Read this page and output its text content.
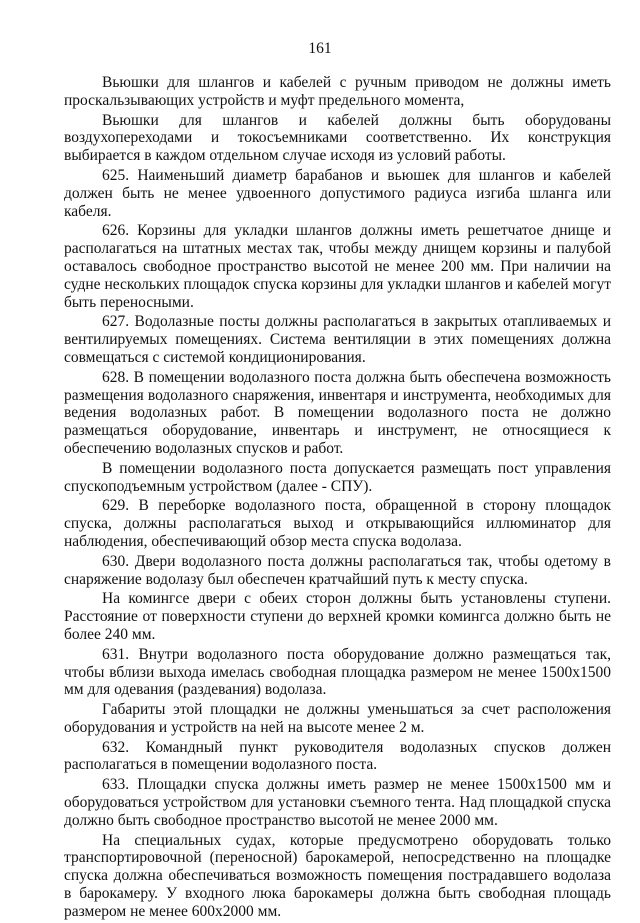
161

Вьюшки для шлангов и кабелей с ручным приводом не должны иметь проскальзывающих устройств и муфт предельного момента,

Вьюшки для шлангов и кабелей должны быть оборудованы воздухопереходами и токосъемниками соответственно. Их конструкция выбирается в каждом отдельном случае исходя из условий работы.

625. Наименьший диаметр барабанов и вьюшек для шлангов и кабелей должен быть не менее удвоенного допустимого радиуса изгиба шланга или кабеля.

626. Корзины для укладки шлангов должны иметь решетчатое днище и располагаться на штатных местах так, чтобы между днищем корзины и палубой оставалось свободное пространство высотой не менее 200 мм. При наличии на судне нескольких площадок спуска корзины для укладки шлангов и кабелей могут быть переносными.

627. Водолазные посты должны располагаться в закрытых отапливаемых и вентилируемых помещениях. Система вентиляции в этих помещениях должна совмещаться с системой кондиционирования.

628. В помещении водолазного поста должна быть обеспечена возможность размещения водолазного снаряжения, инвентаря и инструмента, необходимых для ведения водолазных работ. В помещении водолазного поста не должно размещаться оборудование, инвентарь и инструмент, не относящиеся к обеспечению водолазных спусков и работ.

В помещении водолазного поста допускается размещать пост управления спускоподъемным устройством (далее - СПУ).

629. В переборке водолазного поста, обращенной в сторону площадок спуска, должны располагаться выход и открывающийся иллюминатор для наблюдения, обеспечивающий обзор места спуска водолаза.

630. Двери водолазного поста должны располагаться так, чтобы одетому в снаряжение водолазу был обеспечен кратчайший путь к месту спуска.

На комингсе двери с обеих сторон должны быть установлены ступени. Расстояние от поверхности ступени до верхней кромки комингса должно быть не более 240 мм.

631. Внутри водолазного поста оборудование должно размещаться так, чтобы вблизи выхода имелась свободная площадка размером не менее 1500x1500 мм для одевания (раздевания) водолаза.

Габариты этой площадки не должны уменьшаться за счет расположения оборудования и устройств на ней на высоте менее 2 м.

632. Командный пункт руководителя водолазных спусков должен располагаться в помещении водолазного поста.

633. Площадки спуска должны иметь размер не менее 1500x1500 мм и оборудоваться устройством для установки съемного тента. Над площадкой спуска должно быть свободное пространство высотой не менее 2000 мм.

На специальных судах, которые предусмотрено оборудовать только транспортировочной (переносной) барокамерой, непосредственно на площадке спуска должна обеспечиваться возможность помещения пострадавшего водолаза в барокамеру. У входного люка барокамеры должна быть свободная площадь размером не менее 600x2000 мм.
